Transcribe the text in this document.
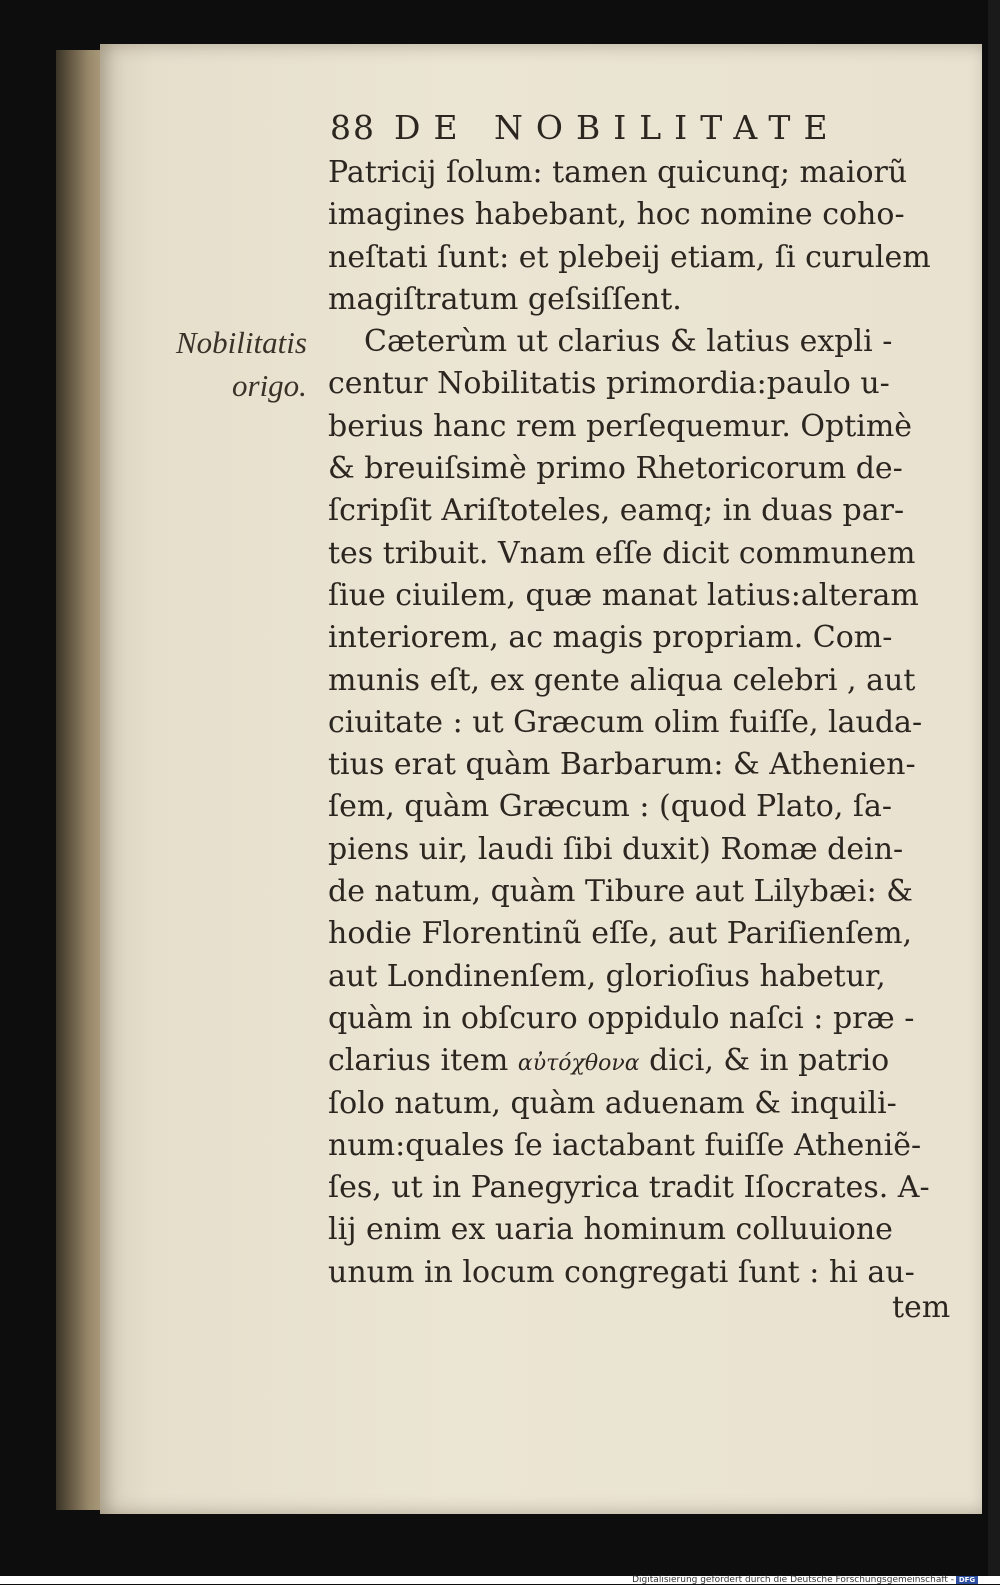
88 DE NOBILITATE
Nobilitatis
origo.
Patricij ſolum: tamen quicunq; maiorũ
imagines habebant, hoc nomine coho-
neſtati ſunt: et plebeij etiam, ſi curulem
magiſtratum geſsiſſent.
Cæterùm ut clarius & latius expli -
centur Nobilitatis primordia:paulo u-
berius hanc rem perſequemur. Optimè
& breuiſsimè primo Rhetoricorum de-
ſcripſit Ariſtoteles, eamq; in duas par-
tes tribuit. Vnam eſſe dicit communem
ſiue ciuilem, quæ manat latius:alteram
interiorem, ac magis propriam. Com-
munis eſt, ex gente aliqua celebri , aut
ciuitate : ut Græcum olim fuiſſe, lauda-
tius erat quàm Barbarum: & Athenien-
ſem, quàm Græcum : (quod Plato, ſa-
piens uir, laudi ſibi duxit) Romæ dein-
de natum, quàm Tibure aut Lilybæi: &
hodie Florentinũ eſſe, aut Pariſienſem,
aut Londinenſem, glorioſius habetur,
quàm in obſcuro oppidulo naſci : præ -
clarius item αὐτόχθονα dici, & in patrio
ſolo natum, quàm aduenam & inquili-
num:quales ſe iactabant fuiſſe Atheniẽ-
ſes, ut in Panegyrica tradit Iſocrates. A-
lij enim ex uaria hominum colluuione
unum in locum congregati ſunt : hi au-
tem
Digitalisierung gefördert durch die Deutsche Forschungsgemeinschaft - DFG
